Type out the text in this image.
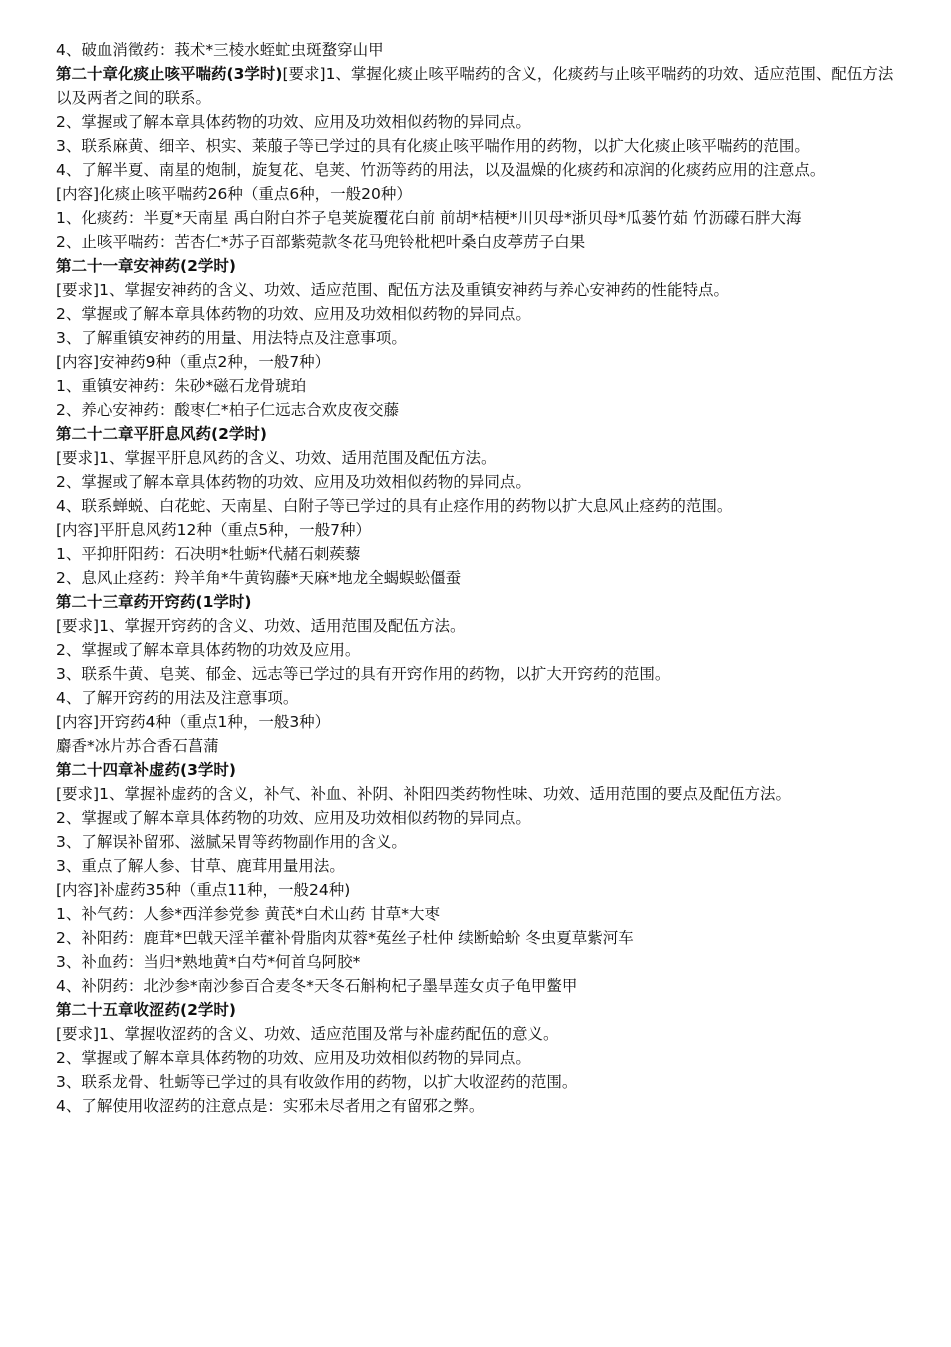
4、破血消徵药：莪术*三棱水蛭虻虫斑蝥穿山甲

第二十章化痰止咳平喘药(3学时)[要求]1、掌握化痰止咳平喘药的含义，化痰药与止咳平喘药的功效、适应范围、配伍方法以及两者之间的联系。

2、掌握或了解本章具体药物的功效、应用及功效相似药物的异同点。

3、联系麻黄、细辛、枳实、莱菔子等已学过的具有化痰止咳平喘作用的药物，以扩大化痰止咳平喘药的范围。

4、了解半夏、南星的炮制，旋复花、皂荚、竹沥等药的用法，以及温燥的化痰药和凉润的化痰药应用的注意点。

[内容]化痰止咳平喘药26种（重点6种，一般20种）

1、化痰药：半夏*天南星 禹白附白芥子皂荚旋覆花白前 前胡*桔梗*川贝母*浙贝母*瓜蒌竹茹 竹沥礞石胖大海

2、止咳平喘药：苦杏仁*苏子百部紫菀款冬花马兜铃枇杷叶桑白皮葶苈子白果

第二十一章安神药(2学时)

[要求]1、掌握安神药的含义、功效、适应范围、配伍方法及重镇安神药与养心安神药的性能特点。

2、掌握或了解本章具体药物的功效、应用及功效相似药物的异同点。

3、了解重镇安神药的用量、用法特点及注意事项。

[内容]安神药9种（重点2种，一般7种）

1、重镇安神药：朱砂*磁石龙骨琥珀

2、养心安神药：酸枣仁*柏子仁远志合欢皮夜交藤

第二十二章平肝息风药(2学时)

[要求]1、掌握平肝息风药的含义、功效、适用范围及配伍方法。

2、掌握或了解本章具体药物的功效、应用及功效相似药物的异同点。

4、联系蝉蜕、白花蛇、天南星、白附子等已学过的具有止痉作用的药物以扩大息风止痉药的范围。

[内容]平肝息风药12种（重点5种，一般7种）

1、平抑肝阳药：石决明*牡蛎*代赭石刺蒺藜

2、息风止痉药：羚羊角*牛黄钩藤*天麻*地龙全蝎蜈蚣僵蚕

第二十三章药开窍药(1学时)

[要求]1、掌握开窍药的含义、功效、适用范围及配伍方法。

2、掌握或了解本章具体药物的功效及应用。

3、联系牛黄、皂荚、郁金、远志等已学过的具有开窍作用的药物，以扩大开窍药的范围。

4、了解开窍药的用法及注意事项。

[内容]开窍药4种（重点1种，一般3种）

麝香*冰片苏合香石菖蒲

第二十四章补虚药(3学时)

[要求]1、掌握补虚药的含义，补气、补血、补阴、补阳四类药物性味、功效、适用范围的要点及配伍方法。

2、掌握或了解本章具体药物的功效、应用及功效相似药物的异同点。

3、了解误补留邪、滋腻呆胃等药物副作用的含义。

3、重点了解人参、甘草、鹿茸用量用法。

[内容]补虚药35种（重点11种，一般24种)

1、补气药：人参*西洋参党参 黄芪*白术山药 甘草*大枣

2、补阳药：鹿茸*巴戟天淫羊藿补骨脂肉苁蓉*菟丝子杜仲 续断蛤蚧 冬虫夏草紫河车

3、补血药：当归*熟地黄*白芍*何首乌阿胶*

4、补阴药：北沙参*南沙参百合麦冬*天冬石斛枸杞子墨旱莲女贞子龟甲鳖甲

第二十五章收涩药(2学时)

[要求]1、掌握收涩药的含义、功效、适应范围及常与补虚药配伍的意义。

2、掌握或了解本章具体药物的功效、应用及功效相似药物的异同点。

3、联系龙骨、牡蛎等已学过的具有收敛作用的药物，以扩大收涩药的范围。

4、了解使用收涩药的注意点是：实邪未尽者用之有留邪之弊。
